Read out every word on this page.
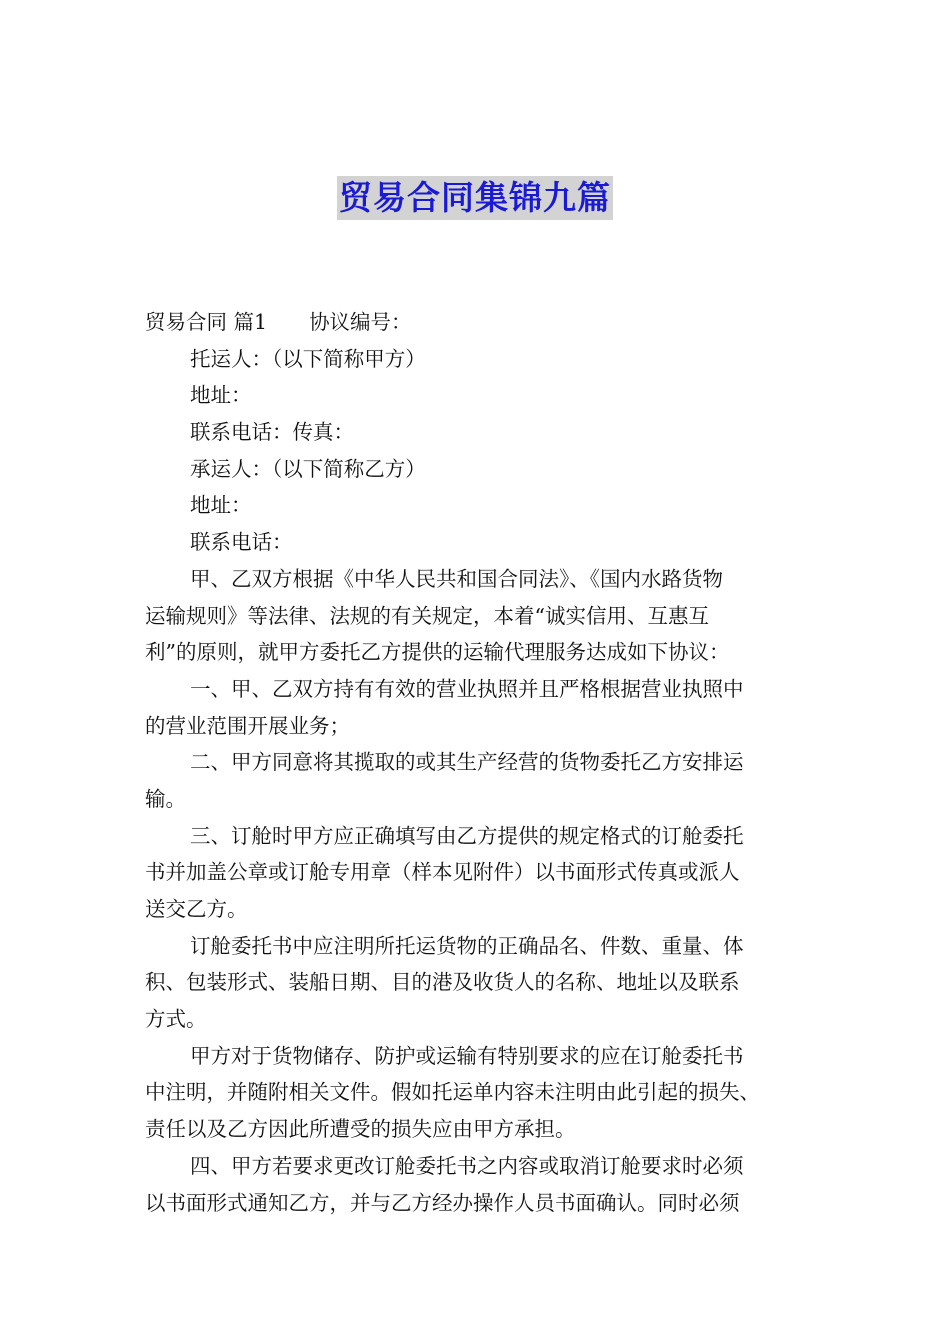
贸易合同集锦九篇
贸易合同 篇1 协议编号：
托运人：（以下简称甲方）
地址：
联系电话：传真：
承运人：（以下简称乙方）
地址：
联系电话：
甲、乙双方根据《中华人民共和国合同法》、《国内水路货物
运输规则》等法律、法规的有关规定，本着“诚实信用、互惠互
利”的原则，就甲方委托乙方提供的运输代理服务达成如下协议：
一、甲、乙双方持有有效的营业执照并且严格根据营业执照中
的营业范围开展业务；
二、甲方同意将其揽取的或其生产经营的货物委托乙方安排运
输。
三、订舱时甲方应正确填写由乙方提供的规定格式的订舱委托
书并加盖公章或订舱专用章（样本见附件）以书面形式传真或派人
送交乙方。
订舱委托书中应注明所托运货物的正确品名、件数、重量、体
积、包装形式、装船日期、目的港及收货人的名称、地址以及联系
方式。
甲方对于货物储存、防护或运输有特别要求的应在订舱委托书
中注明，并随附相关文件。假如托运单内容未注明由此引起的损失、
责任以及乙方因此所遭受的损失应由甲方承担。
四、甲方若要求更改订舱委托书之内容或取消订舱要求时必须
以书面形式通知乙方，并与乙方经办操作人员书面确认。同时必须
